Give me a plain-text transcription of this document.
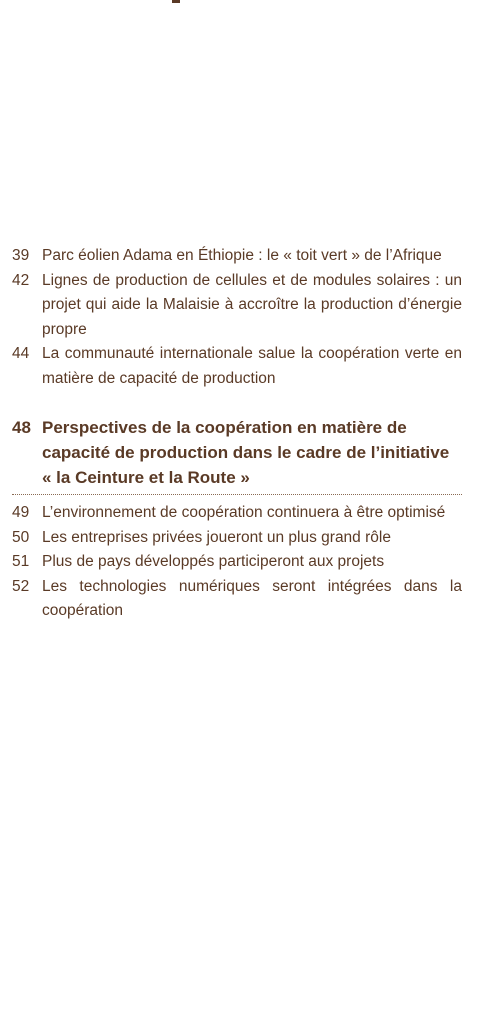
39 Parc éolien Adama en Éthiopie : le « toit vert » de l’Afrique
42 Lignes de production de cellules et de modules solaires : un projet qui aide la Malaisie à accroître la production d’énergie propre
44 La communauté internationale salue la coopération verte en matière de capacité de production
48 Perspectives de la coopération en matière de capacité de production dans le cadre de l’initiative « la Ceinture et la Route »
49 L’environnement de coopération continuera à être optimisé
50 Les entreprises privées joueront un plus grand rôle
51 Plus de pays développés participeront aux projets
52 Les technologies numériques seront intégrées dans la coopération
